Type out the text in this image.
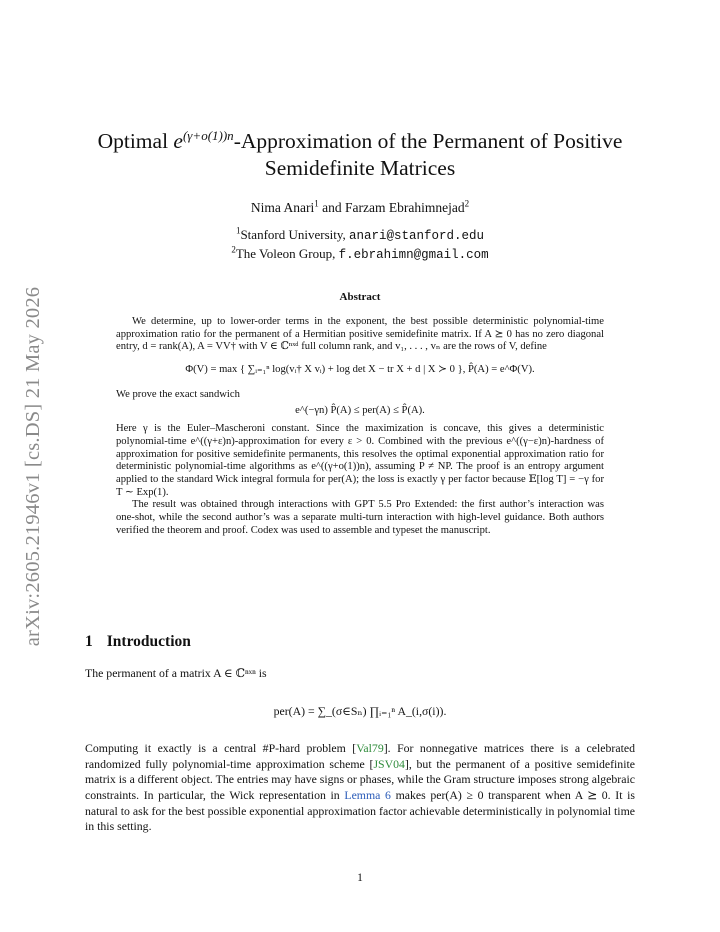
arXiv:2605.21946v1 [cs.DS] 21 May 2026
Optimal $e^{(\gamma+o(1))n}$-Approximation of the Permanent of Positive
Semidefinite Matrices
Nima Anari$^1$ and Farzam Ebrahimnejad$^2$
$^1$Stanford University, anari@stanford.edu
$^2$The Voleon Group, f.ebrahimn@gmail.com
Abstract

We determine, up to lower-order terms in the exponent, the best possible deterministic polynomial-time approximation ratio for the permanent of a Hermitian positive semidefinite matrix. If A ⪰ 0 has no zero diagonal entry, d = rank(A), A = VV† with V ∈ ℂⁿˣᵈ full column rank, and v₁, . . . , vₙ are the rows of V, define

Φ(V) = max { ∑ᵢ₌₁ⁿ log(vᵢ† X vᵢ) + log det X − tr X + d | X ≻ 0 }, P̂(A) = e^Φ(V).

We prove the exact sandwich

e^(−γn) P̂(A) ≤ per(A) ≤ P̂(A).

Here γ is the Euler–Mascheroni constant. Since the maximization is concave, this gives a deterministic polynomial-time e^((γ+ε)n)-approximation for every ε > 0. Combined with the previous e^((γ−ε)n)-hardness of approximation for positive semidefinite permanents, this resolves the optimal exponential approximation ratio for deterministic polynomial-time algorithms as e^((γ+o(1))n), assuming P ≠ NP. The proof is an entropy argument applied to the standard Wick integral formula for per(A); the loss is exactly γ per factor because 𝔼[log T] = −γ for T ∼ Exp(1).

The result was obtained through interactions with GPT 5.5 Pro Extended: the first author’s interaction was one-shot, while the second author’s was a separate multi-turn interaction with high-level guidance. Both authors verified the theorem and proof. Codex was used to assemble and typeset the manuscript.

1 Introduction

The permanent of a matrix A ∈ ℂⁿˣⁿ is

per(A) = ∑_(σ∈Sₙ) ∏ᵢ₌₁ⁿ A_(i,σ(i)).

Computing it exactly is a central #P-hard problem [Val79]. For nonnegative matrices there is a celebrated randomized fully polynomial-time approximation scheme [JSV04], but the permanent of a positive semidefinite matrix is a different object. The entries may have signs or phases, while the Gram structure imposes strong algebraic constraints. In particular, the Wick representation in Lemma 6 makes per(A) ≥ 0 transparent when A ⪰ 0. It is natural to ask for the best possible exponential approximation factor achievable deterministically in polynomial time in this setting.

1
